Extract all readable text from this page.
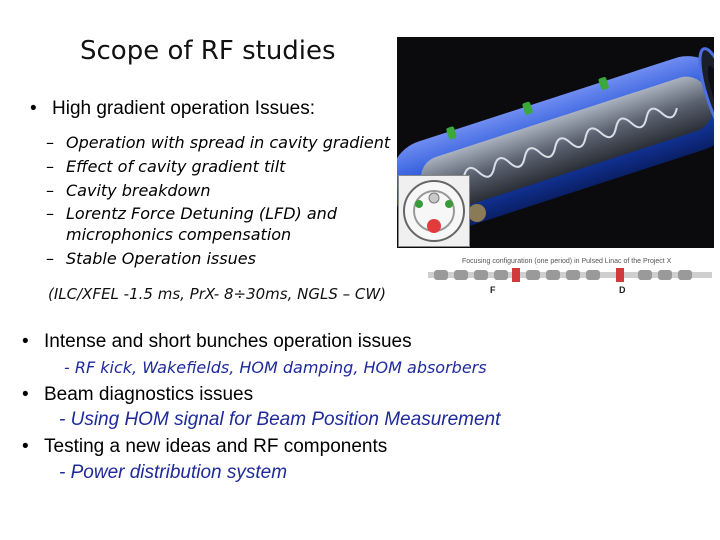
Scope of RF studies
• High gradient operation Issues:
– Operation with spread in cavity gradient
– Effect of cavity gradient tilt
– Cavity breakdown
– Lorentz Force Detuning (LFD) and
microphonics compensation
– Stable Operation issues
(ILC/XFEL -1.5 ms, PrX- 8÷30ms, NGLS – CW)
• Intense and short bunches operation issues
- RF kick, Wakefields, HOM damping, HOM absorbers
• Beam diagnostics issues
- Using HOM signal for Beam Position Measurement
• Testing a new ideas and RF components
- Power distribution system
Focusing configuration (one period) in Pulsed Linac of the Project X
F	D
